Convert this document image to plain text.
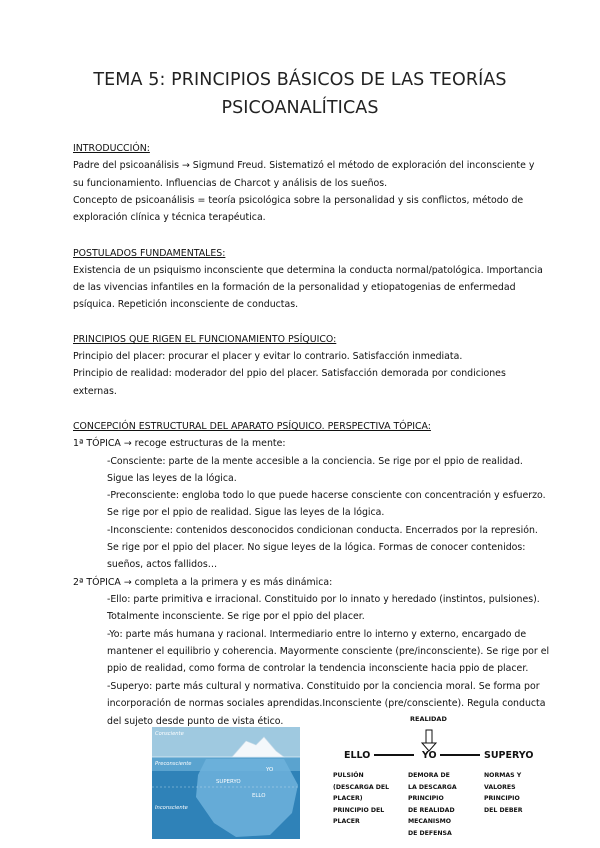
TEMA 5: PRINCIPIOS BÁSICOS DE LAS TEORÍAS
PSICOANALÍTICAS
INTRODUCCIÓN:
Padre del psicoanálisis → Sigmund Freud. Sistematizó el método de exploración del inconsciente y
su funcionamiento. Influencias de Charcot y análisis de los sueños.
Concepto de psicoanálisis = teoría psicológica sobre la personalidad y sis conflictos, método de
exploración clínica y técnica terapéutica.
POSTULADOS FUNDAMENTALES:
Existencia de un psiquismo inconsciente que determina la conducta normal/patológica. Importancia
de las vivencias infantiles en la formación de la personalidad y etiopatogenias de enfermedad
psíquica. Repetición inconsciente de conductas.
PRINCIPIOS QUE RIGEN EL FUNCIONAMIENTO PSÍQUICO:
Principio del placer: procurar el placer y evitar lo contrario. Satisfacción inmediata.
Principio de realidad: moderador del ppio del placer. Satisfacción demorada por condiciones
externas.
CONCEPCIÓN ESTRUCTURAL DEL APARATO PSÍQUICO. PERSPECTIVA TÓPICA:
1ª TÓPICA → recoge estructuras de la mente:
-Consciente: parte de la mente accesible a la conciencia. Se rige por el ppio de realidad.
Sigue las leyes de la lógica.
-Preconsciente: engloba todo lo que puede hacerse consciente con concentración y esfuerzo.
Se rige por el ppio de realidad. Sigue las leyes de la lógica.
-Inconsciente: contenidos desconocidos condicionan conducta. Encerrados por la represión.
Se rige por el ppio del placer. No sigue leyes de la lógica. Formas de conocer contenidos:
sueños, actos fallidos…
2ª TÓPICA → completa a la primera y es más dinámica:
-Ello: parte primitiva e irracional. Constituido por lo innato y heredado (instintos, pulsiones).
Totalmente inconsciente. Se rige por el ppio del placer.
-Yo: parte más humana y racional. Intermediario entre lo interno y externo, encargado de
mantener el equilibrio y coherencia. Mayormente consciente (pre/inconsciente). Se rige por el
ppio de realidad, como forma de controlar la tendencia inconsciente hacia ppio de placer.
-Superyo: parte más cultural y normativa. Constituido por la conciencia moral. Se forma por
incorporación de normas sociales aprendidas.Inconsciente (pre/consciente). Regula conducta
del sujeto desde punto de vista ético.
Consciente
Preconsciente
Inconsciente
SUPERYO
YO
ELLO
REALIDAD
ELLO	YO	SUPERYO
PULSIÓN
(DESCARGA DEL
PLACER)
PRINCIPIO DEL
PLACER
DEMORA DE
LA DESCARGA
PRINCIPIO
DE REALIDAD
MECANISMO
DE DEFENSA
NORMAS Y
VALORES
PRINCIPIO
DEL DEBER
